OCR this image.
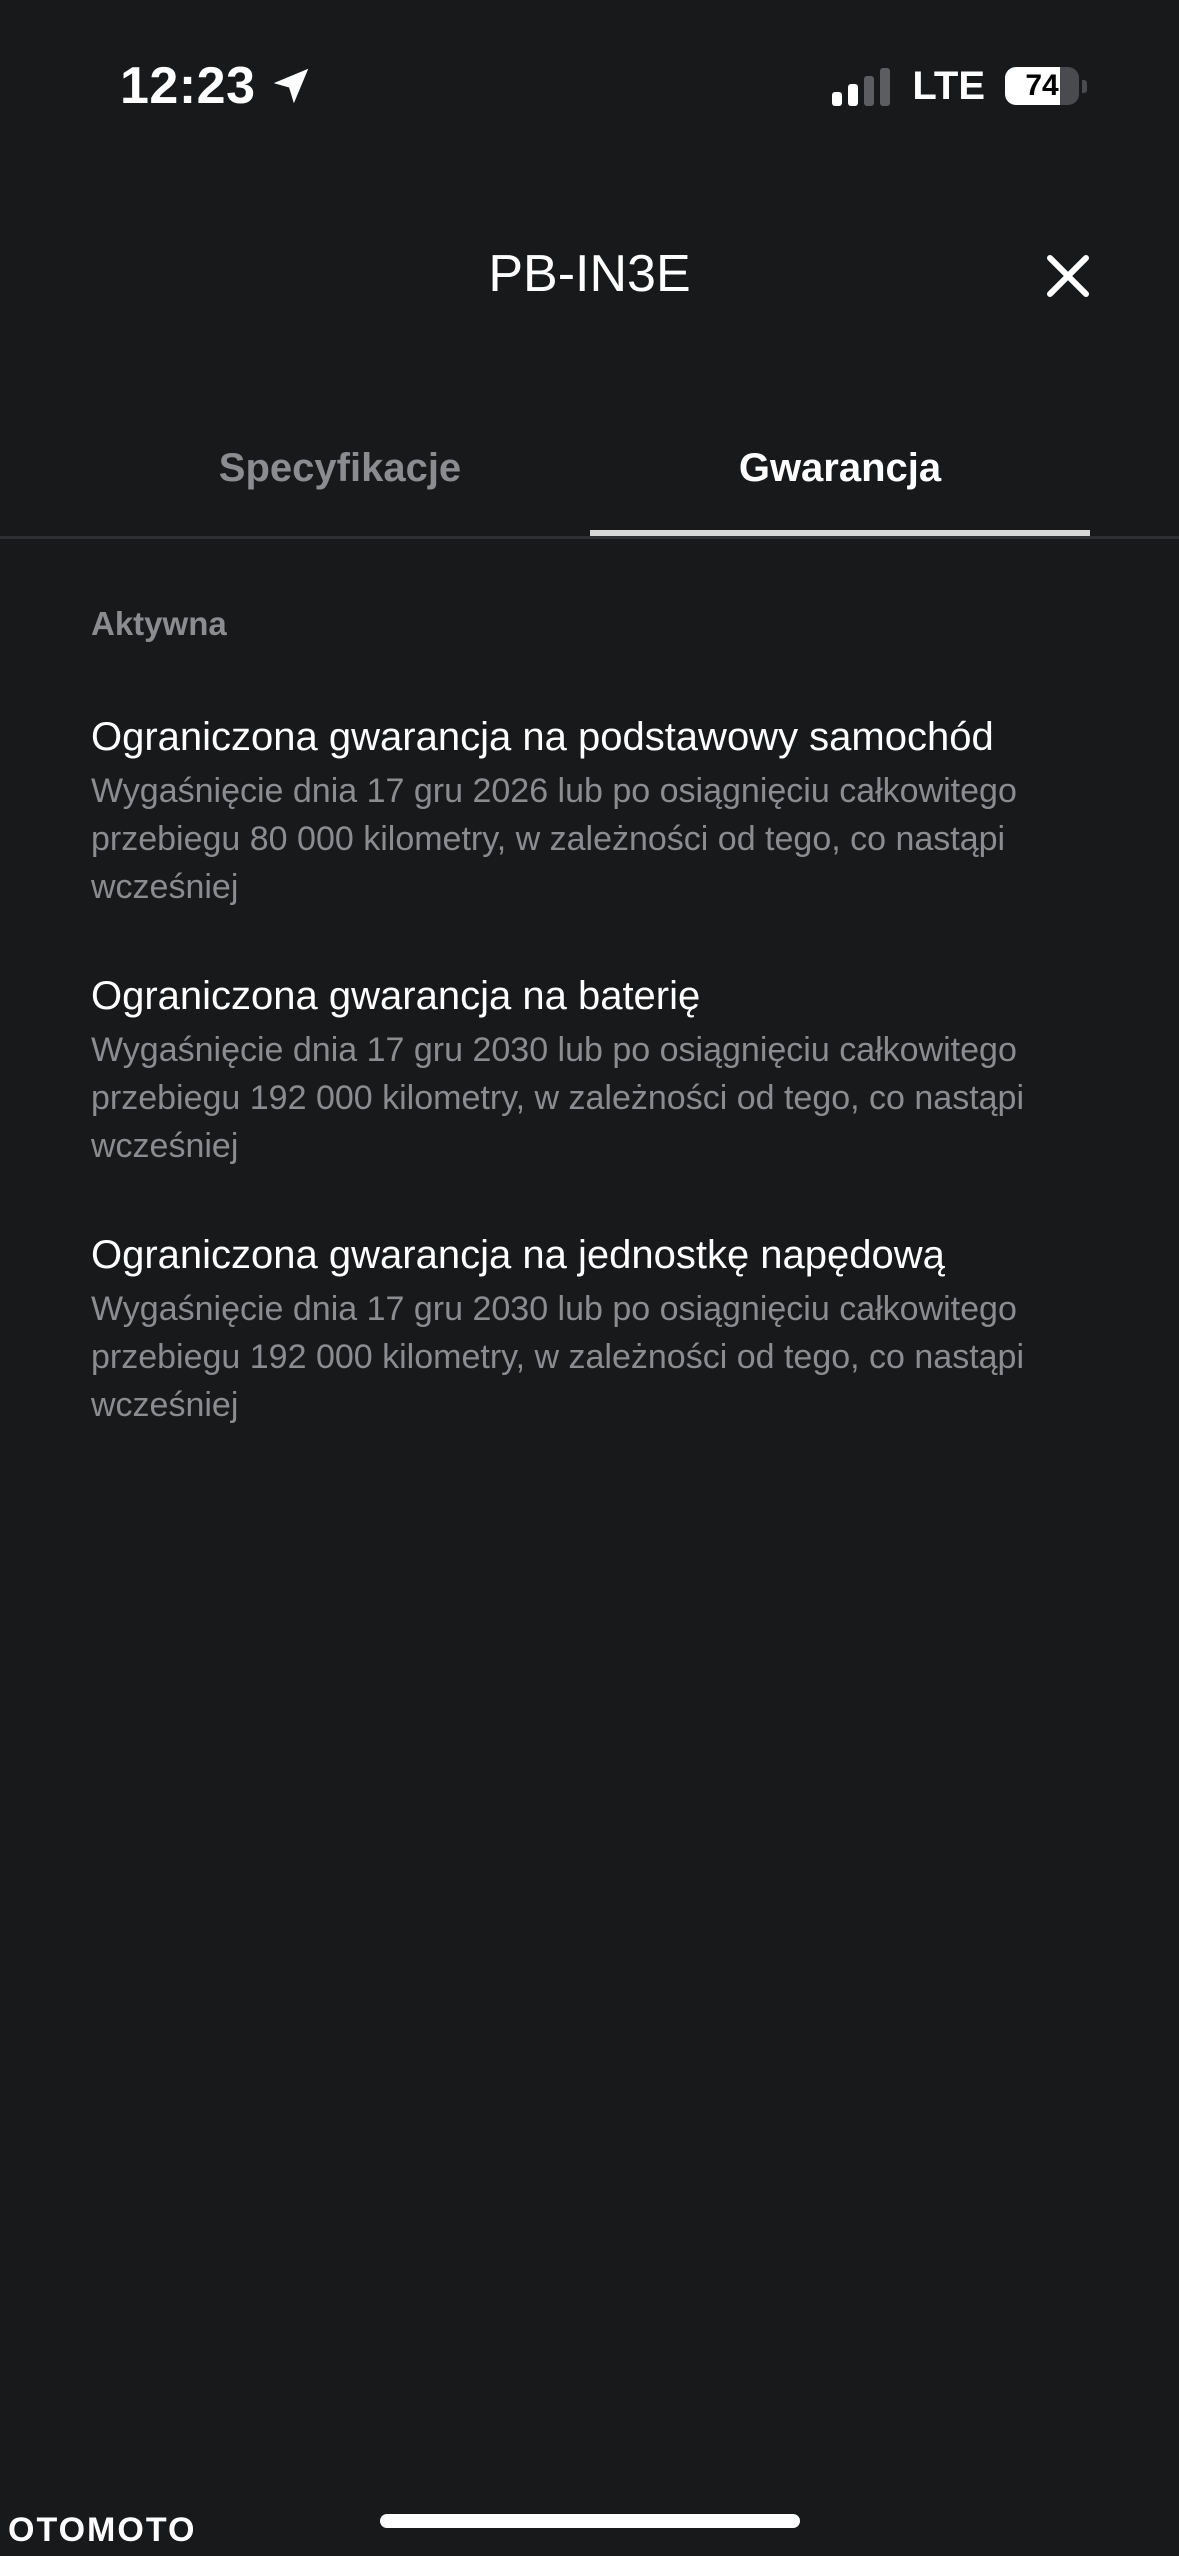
12:23	LTE	74
PB-IN3E
Specyfikacje	Gwarancja
Aktywna
Ograniczona gwarancja na podstawowy samochód
Wygaśnięcie dnia 17 gru 2026 lub po osiągnięciu całkowitego przebiegu 80 000 kilometry, w zależności od tego, co nastąpi wcześniej
Ograniczona gwarancja na baterię
Wygaśnięcie dnia 17 gru 2030 lub po osiągnięciu całkowitego przebiegu 192 000 kilometry, w zależności od tego, co nastąpi wcześniej
Ograniczona gwarancja na jednostkę napędową
Wygaśnięcie dnia 17 gru 2030 lub po osiągnięciu całkowitego przebiegu 192 000 kilometry, w zależności od tego, co nastąpi wcześniej
OTOMOTO
